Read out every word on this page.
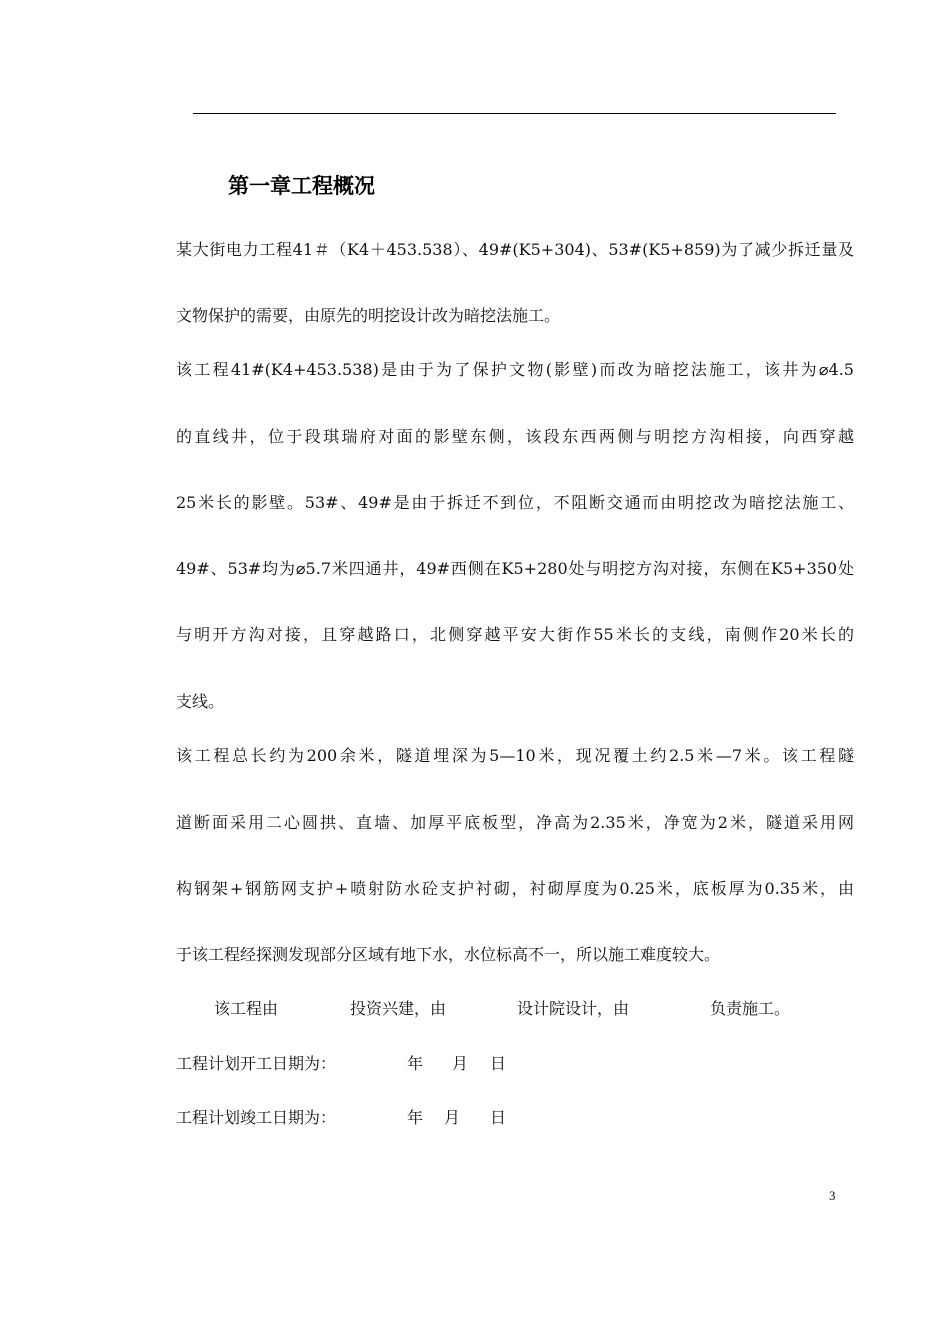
第一章工程概况
某大街电力工程41＃（K4＋453.538）、49#(K5+304)、53#(K5+859)为了减少拆迁量及
文物保护的需要，由原先的明挖设计改为暗挖法施工。
该工程41#(K4+453.538)是由于为了保护文物(影壁)而改为暗挖法施工，该井为⌀4.5
的直线井，位于段琪瑞府对面的影壁东侧，该段东西两侧与明挖方沟相接，向西穿越
25米长的影壁。53#、49#是由于拆迁不到位，不阻断交通而由明挖改为暗挖法施工、
49#、53#均为⌀5.7米四通井，49#西侧在K5+280处与明挖方沟对接，东侧在K5+350处
与明开方沟对接，且穿越路口，北侧穿越平安大街作55米长的支线，南侧作20米长的
支线。
该工程总长约为200余米，隧道埋深为5—10米，现况覆土约2.5米—7米。该工程隧
道断面采用二心圆拱、直墙、加厚平底板型，净高为2.35米，净宽为2米，隧道采用网
构钢架+钢筋网支护+喷射防水砼支护衬砌，衬砌厚度为0.25米，底板厚为0.35米，由
于该工程经探测发现部分区域有地下水，水位标高不一，所以施工难度较大。
该工程由	投资兴建，由	设计院设计，由	负责施工。
工程计划开工日期为：	年 月 日
工程计划竣工日期为：	年 月 日
3
